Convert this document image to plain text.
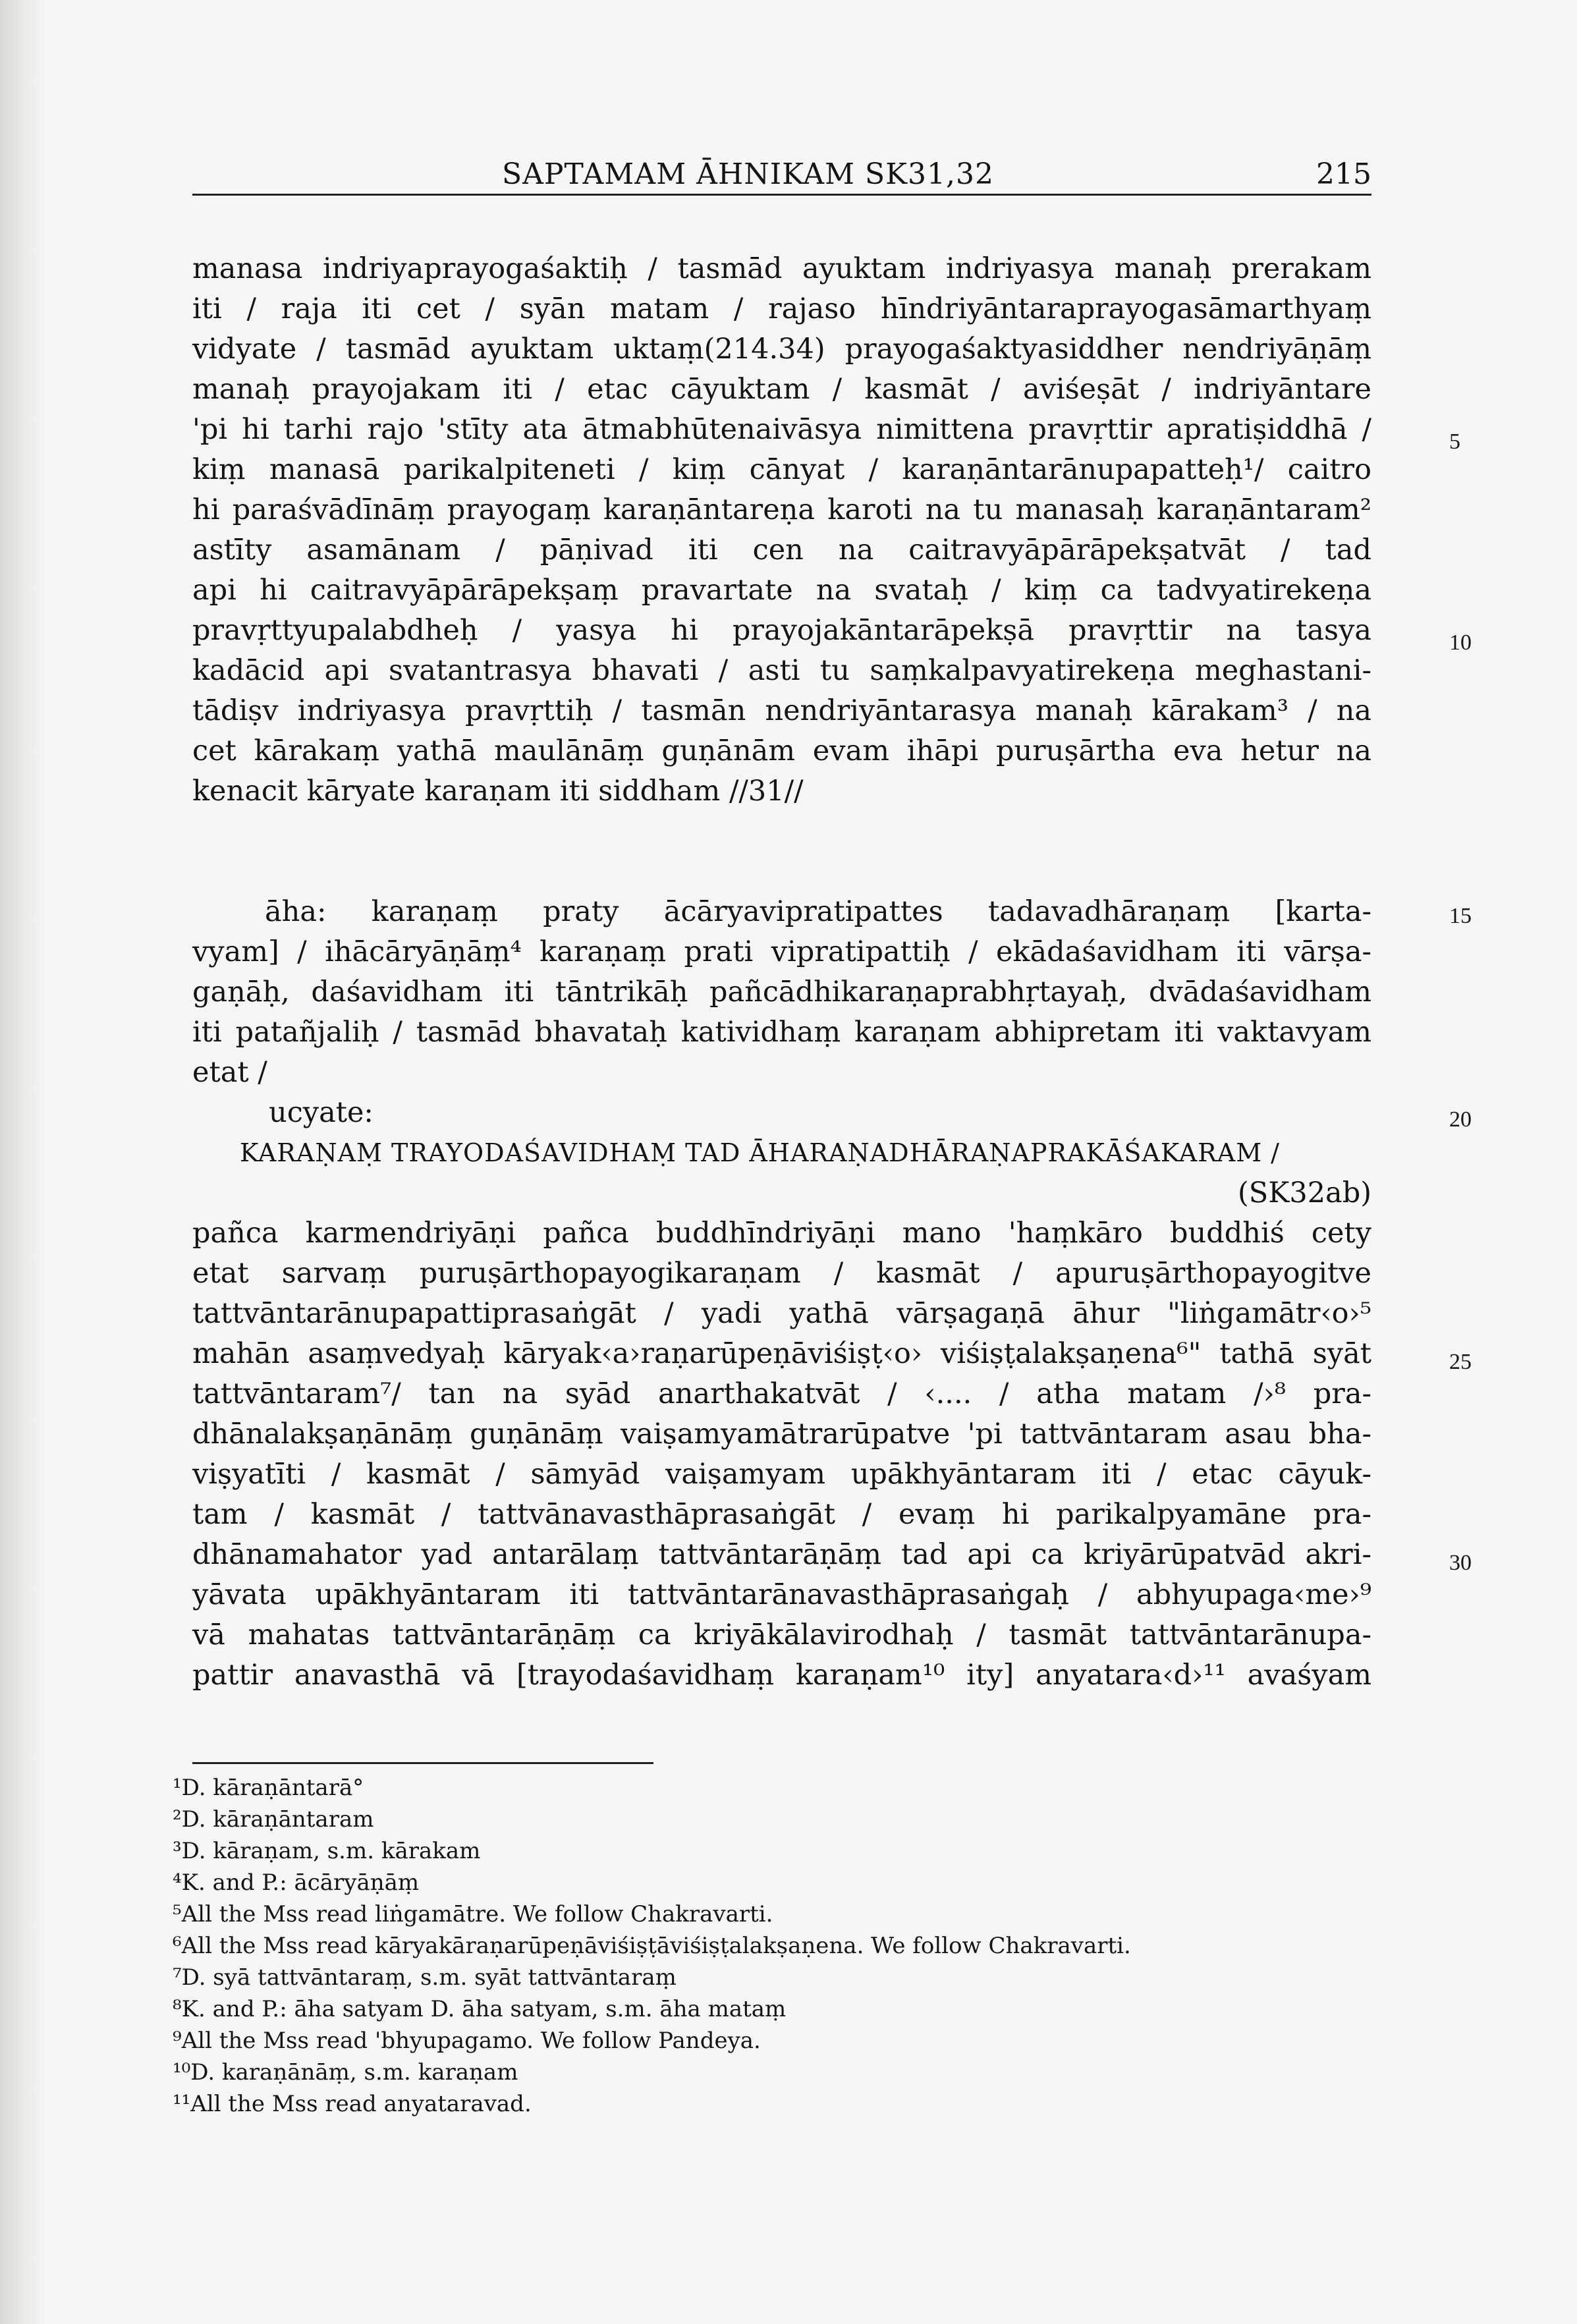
SAPTAMAM ĀHNIKAM SK31,32	215
manasa indriyaprayogaśaktiḥ / tasmād ayuktam indriyasya manaḥ prerakam
iti / raja iti cet / syān matam / rajaso hīndriyāntaraprayogasāmarthyaṃ
vidyate / tasmād ayuktam uktaṃ(214.34) prayogaśaktyasiddher nendriyāṇāṃ
manaḥ prayojakam iti / etac cāyuktam / kasmāt / aviśeṣāt / indriyāntare
'pi hi tarhi rajo 'stīty ata ātmabhūtenaivāsya nimittena pravṛttir apratiṣiddhā /
kiṃ manasā parikalpiteneti / kiṃ cānyat / karaṇāntarānupapatteḥ¹/ caitro
hi paraśvādīnāṃ prayogaṃ karaṇāntareṇa karoti na tu manasaḥ karaṇāntaram²
astīty asamānam / pāṇivad iti cen na caitravyāpārāpekṣatvāt / tad
api hi caitravyāpārāpekṣaṃ pravartate na svataḥ / kiṃ ca tadvyatirekeṇa
pravṛttyupalabdheḥ / yasya hi prayojakāntarāpekṣā pravṛttir na tasya
kadācid api svatantrasya bhavati / asti tu saṃkalpavyatirekeṇa meghastani-
tādiṣv indriyasya pravṛttiḥ / tasmān nendriyāntarasya manaḥ kārakam³ / na
cet kārakaṃ yathā maulānāṃ guṇānām evam ihāpi puruṣārtha eva hetur na
kenacit kāryate karaṇam iti siddham //31//
āha: karaṇaṃ praty ācāryavipratipattes tadavadhāraṇaṃ [karta-
vyam] / ihācāryāṇāṃ⁴ karaṇaṃ prati vipratipattiḥ / ekādaśavidham iti vārṣa-
gaṇāḥ, daśavidham iti tāntrikāḥ pañcādhikaraṇaprabhṛtayaḥ, dvādaśavidham
iti patañjaliḥ / tasmād bhavataḥ katividhaṃ karaṇam abhipretam iti vaktavyam
etat /
ucyate:
KARAṆAṂ TRAYODAŚAVIDHAṂ TAD ĀHARAṆADHĀRAṆAPRAKĀŚAKARAM /
(SK32ab)
pañca karmendriyāṇi pañca buddhīndriyāṇi mano 'haṃkāro buddhiś cety
etat sarvaṃ puruṣārthopayogikaraṇam / kasmāt / apuruṣārthopayogitve
tattvāntarānupapattiprasaṅgāt / yadi yathā vārṣagaṇā āhur "liṅgamātr‹o›⁵
mahān asaṃvedyaḥ kāryak‹a›raṇarūpeṇāviśiṣṭ‹o› viśiṣṭalakṣaṇena⁶" tathā syāt
tattvāntaram⁷/ tan na syād anarthakatvāt / ‹.... / atha matam /›⁸ pra-
dhānalakṣaṇānāṃ guṇānāṃ vaiṣamyamātrarūpatve 'pi tattvāntaram asau bha-
viṣyatīti / kasmāt / sāmyād vaiṣamyam upākhyāntaram iti / etac cāyuk-
tam / kasmāt / tattvānavasthāprasaṅgāt / evaṃ hi parikalpyamāne pra-
dhānamahator yad antarālaṃ tattvāntarāṇāṃ tad api ca kriyārūpatvād akri-
yāvata upākhyāntaram iti tattvāntarānavasthāprasaṅgaḥ / abhyupaga‹me›⁹
vā mahatas tattvāntarāṇāṃ ca kriyākālavirodhaḥ / tasmāt tattvāntarānupa-
pattir anavasthā vā [trayodaśavidhaṃ karaṇam¹⁰ ity] anyatara‹d›¹¹ avaśyam
5
10
15
20
25
30
¹D. kāraṇāntarā°
²D. kāraṇāntaram
³D. kāraṇam, s.m. kārakam
⁴K. and P.: ācāryāṇāṃ
⁵All the Mss read liṅgamātre. We follow Chakravarti.
⁶All the Mss read kāryakāraṇarūpeṇāviśiṣṭāviśiṣṭalakṣaṇena. We follow Chakravarti.
⁷D. syā tattvāntaraṃ, s.m. syāt tattvāntaraṃ
⁸K. and P.: āha satyam D. āha satyam, s.m. āha mataṃ
⁹All the Mss read 'bhyupagamo. We follow Pandeya.
¹⁰D. karaṇānāṃ, s.m. karaṇam
¹¹All the Mss read anyataravad.
